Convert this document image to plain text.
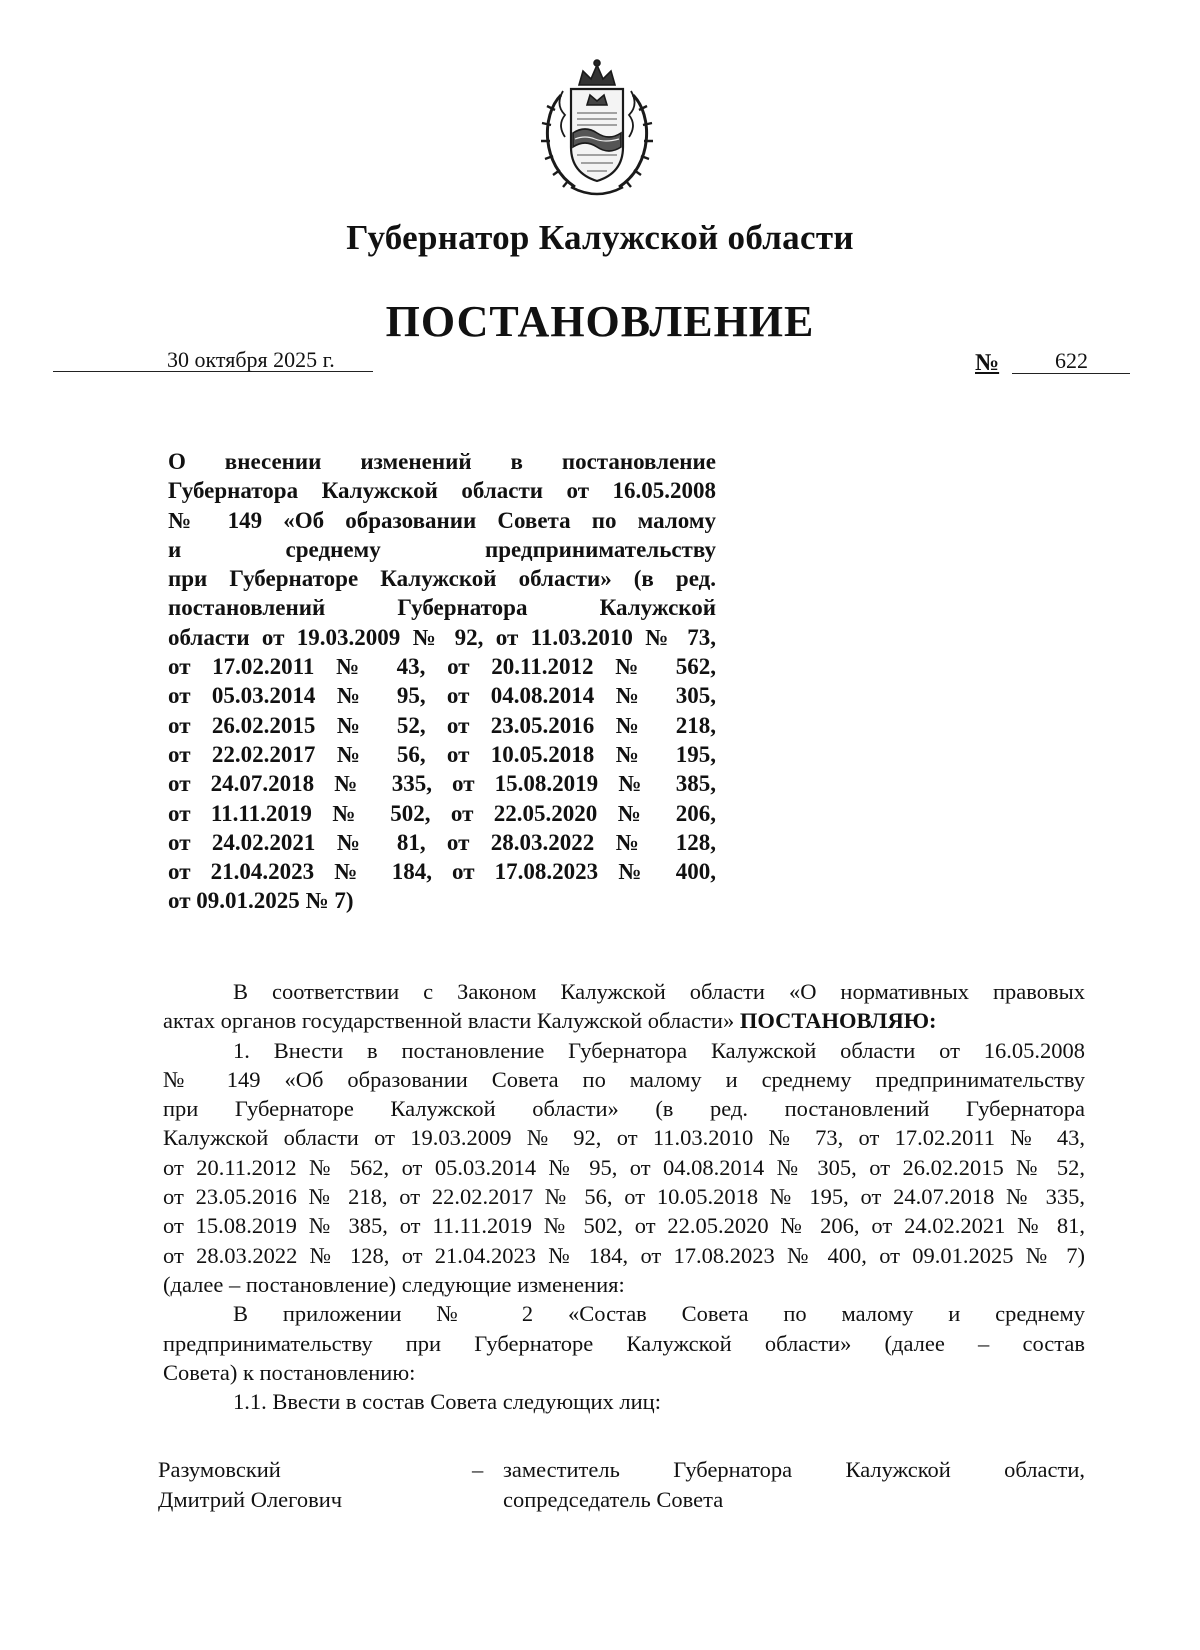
Губернатор Калужской области
ПОСТАНОВЛЕНИЕ
30 октября 2025 г.	№	622
О внесении изменений в постановление
Губернатора Калужской области от 16.05.2008
№ 149 «Об образовании Совета по малому
и среднему предпринимательству
при Губернаторе Калужской области» (в ред.
постановлений Губернатора Калужской
области от 19.03.2009 № 92, от 11.03.2010 № 73,
от 17.02.2011 № 43, от 20.11.2012 № 562,
от 05.03.2014 № 95, от 04.08.2014 № 305,
от 26.02.2015 № 52, от 23.05.2016 № 218,
от 22.02.2017 № 56, от 10.05.2018 № 195,
от 24.07.2018 № 335, от 15.08.2019 № 385,
от 11.11.2019 № 502, от 22.05.2020 № 206,
от 24.02.2021 № 81, от 28.03.2022 № 128,
от 21.04.2023 № 184, от 17.08.2023 № 400,
от 09.01.2025 № 7)
В соответствии с Законом Калужской области «О нормативных правовых
актах органов государственной власти Калужской области» ПОСТАНОВЛЯЮ:
1. Внести в постановление Губернатора Калужской области от 16.05.2008
№ 149 «Об образовании Совета по малому и среднему предпринимательству
при Губернаторе Калужской области» (в ред. постановлений Губернатора
Калужской области от 19.03.2009 № 92, от 11.03.2010 № 73, от 17.02.2011 № 43,
от 20.11.2012 № 562, от 05.03.2014 № 95, от 04.08.2014 № 305, от 26.02.2015 № 52,
от 23.05.2016 № 218, от 22.02.2017 № 56, от 10.05.2018 № 195, от 24.07.2018 № 335,
от 15.08.2019 № 385, от 11.11.2019 № 502, от 22.05.2020 № 206, от 24.02.2021 № 81,
от 28.03.2022 № 128, от 21.04.2023 № 184, от 17.08.2023 № 400, от 09.01.2025 № 7)
(далее – постановление) следующие изменения:
В приложении № 2 «Состав Совета по малому и среднему
предпринимательству при Губернаторе Калужской области» (далее – состав
Совета) к постановлению:
1.1. Ввести в состав Совета следующих лиц:
Разумовский
Дмитрий Олегович
– заместитель Губернатора Калужской области,
сопредседатель Совета
